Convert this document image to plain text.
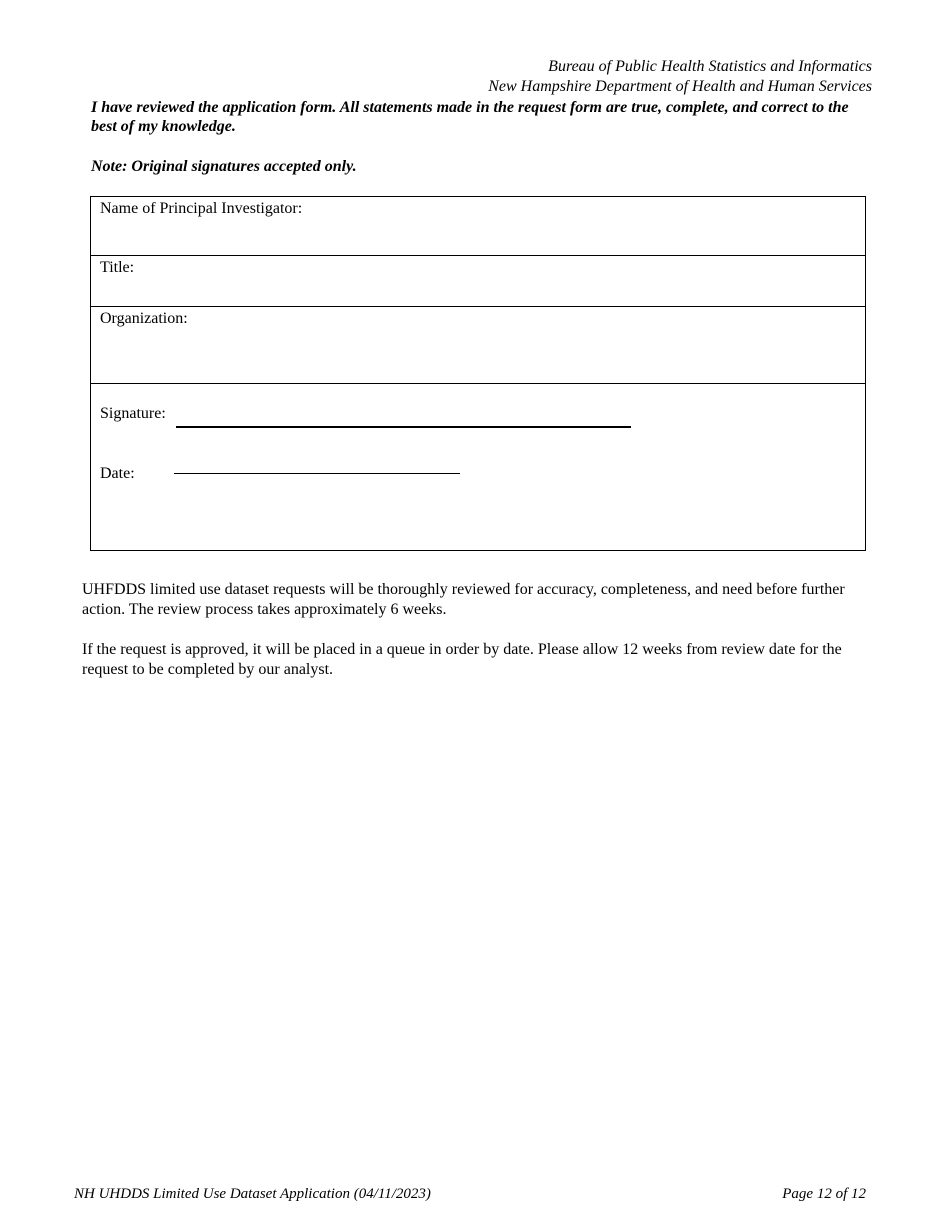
Bureau of Public Health Statistics and Informatics
New Hampshire Department of Health and Human Services
I have reviewed the application form. All statements made in the request form are true, complete, and correct to the best of my knowledge.
Note: Original signatures accepted only.
Name of Principal Investigator:
Title:
Organization:
Signature:
Date:
UHFDDS limited use dataset requests will be thoroughly reviewed for accuracy, completeness, and need before further action. The review process takes approximately 6 weeks.
If the request is approved, it will be placed in a queue in order by date. Please allow 12 weeks from review date for the request to be completed by our analyst.
NH UHDDS Limited Use Dataset Application (04/11/2023)	Page 12 of 12
